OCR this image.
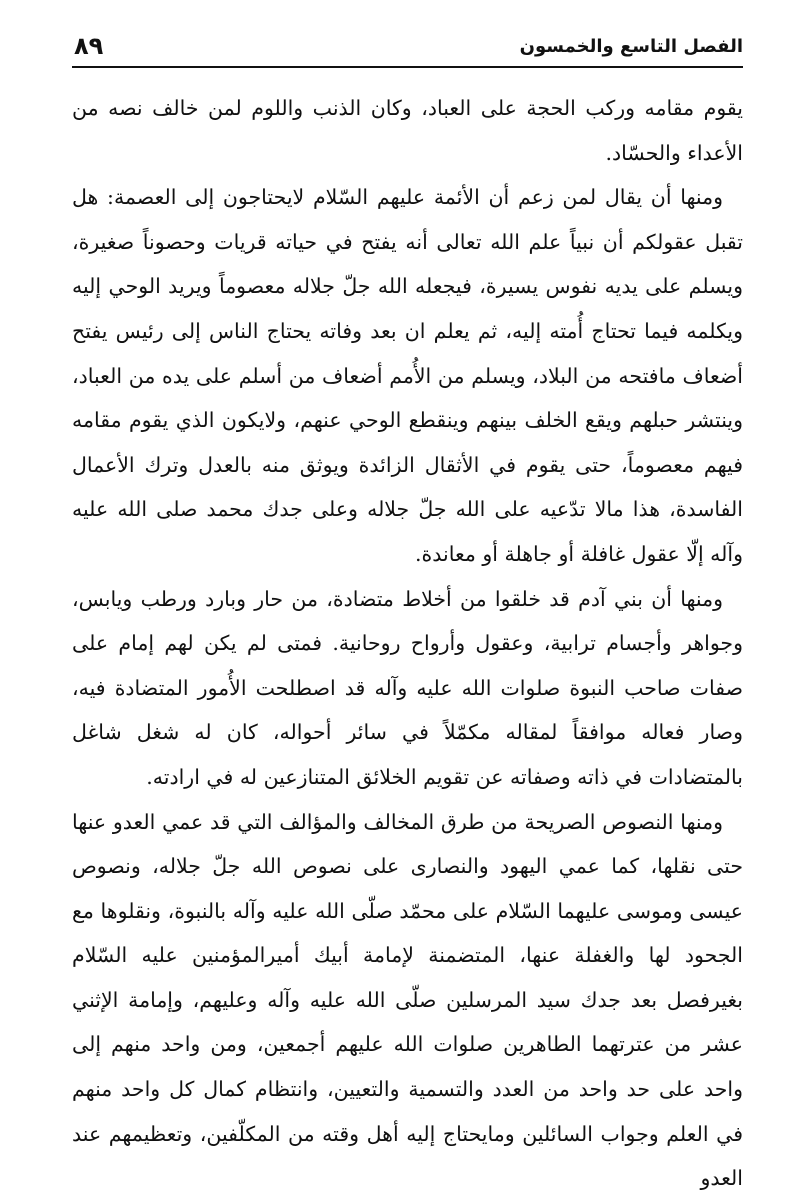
الفصل التاسع والخمسون
٨٩

يقوم مقامه وركب الحجة على العباد، وكان الذنب واللوم لمن خالف نصه من الأعداء والحسّاد.

ومنها أن يقال لمن زعم أن الأئمة عليهم السّلام لايحتاجون إلى العصمة: هل تقبل عقولكم أن نبياً علم الله تعالى أنه يفتح في حياته قريات وحصوناً صغيرة، ويسلم على يديه نفوس يسيرة، فيجعله الله جلّ جلاله معصوماً ويريد الوحي إليه ويكلمه فيما تحتاج أُمته إليه، ثم يعلم ان بعد وفاته يحتاج الناس إلى رئيس يفتح أضعاف مافتحه من البلاد، ويسلم من الأُمم أضعاف من أسلم على يده من العباد، وينتشر حبلهم ويقع الخلف بينهم وينقطع الوحي عنهم، ولايكون الذي يقوم مقامه فيهم معصوماً، حتى يقوم في الأثقال الزائدة ويوثق منه بالعدل وترك الأعمال الفاسدة، هذا مالا تدّعيه على الله جلّ جلاله وعلى جدك محمد صلى الله عليه وآله إلّا عقول غافلة أو جاهلة أو معاندة.

ومنها أن بني آدم قد خلقوا من أخلاط متضادة، من حار وبارد ورطب ويابس، وجواهر وأجسام ترابية، وعقول وأرواح روحانية. فمتى لم يكن لهم إمام على صفات صاحب النبوة صلوات الله عليه وآله قد اصطلحت الأُمور المتضادة فيه، وصار فعاله موافقاً لمقاله مكمّلاً في سائر أحواله، كان له شغل شاغل بالمتضادات في ذاته وصفاته عن تقويم الخلائق المتنازعين له في ارادته.

ومنها النصوص الصريحة من طرق المخالف والمؤالف التي قد عمي العدو عنها حتى نقلها، كما عمي اليهود والنصارى على نصوص الله جلّ جلاله، ونصوص عيسى وموسى عليهما السّلام على محمّد صلّى الله عليه وآله بالنبوة، ونقلوها مع الجحود لها والغفلة عنها، المتضمنة لإمامة أبيك أميرالمؤمنين عليه السّلام بغيرفصل بعد جدك سيد المرسلين صلّى الله عليه وآله وعليهم، وإمامة الإثني عشر من عترتهما الطاهرين صلوات الله عليهم أجمعين، ومن واحد منهم إلى واحد على حد واحد من العدد والتسمية والتعيين، وانتظام كمال كل واحد منهم في العلم وجواب السائلين ومايحتاج إليه أهل وقته من المكلّفين، وتعظيمهم عند العدو
